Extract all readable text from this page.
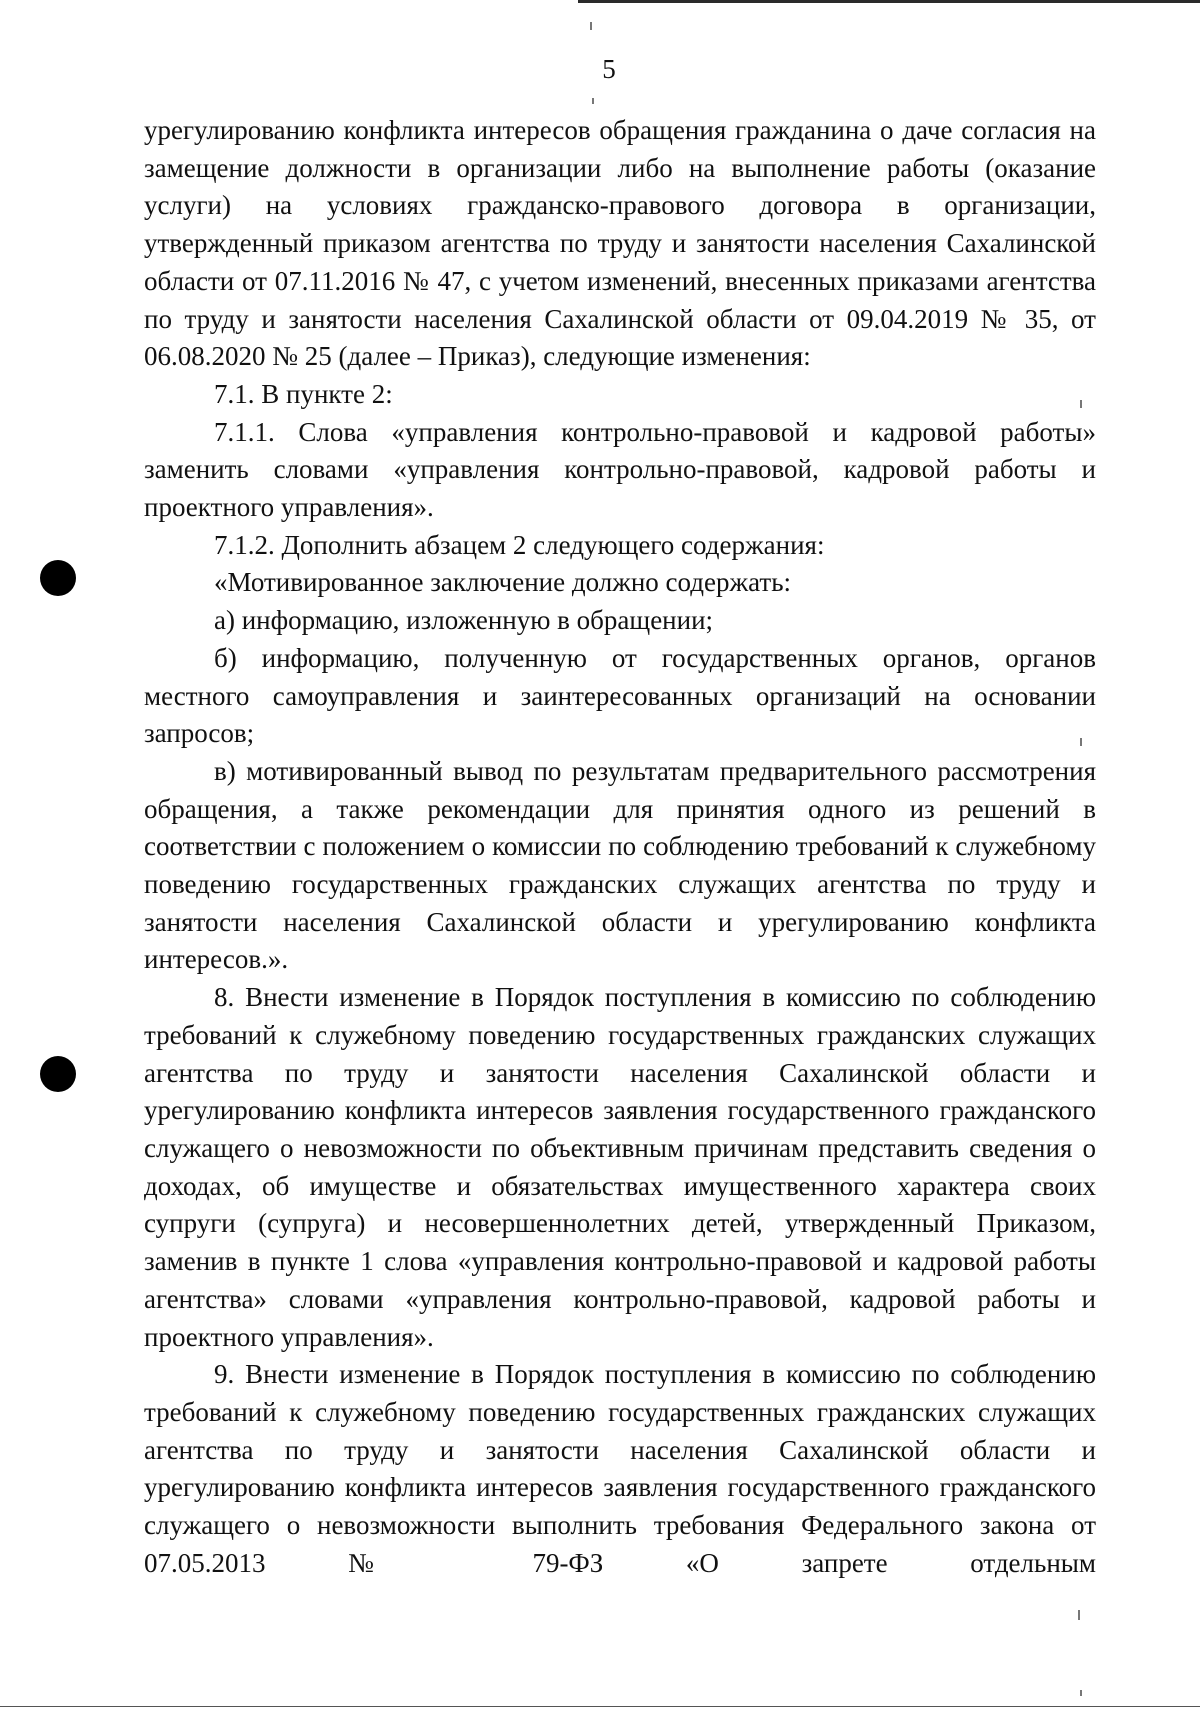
5

урегулированию конфликта интересов обращения гражданина о даче согласия на замещение должности в организации либо на выполнение работы (оказание услуги) на условиях гражданско-правового договора в организации, утвержденный приказом агентства по труду и занятости населения Сахалинской области от 07.11.2016 № 47, с учетом изменений, внесенных приказами агентства по труду и занятости населения Сахалинской области от 09.04.2019 № 35, от 06.08.2020 № 25 (далее – Приказ), следующие изменения:

7.1. В пункте 2:

7.1.1. Слова «управления контрольно-правовой и кадровой работы» заменить словами «управления контрольно-правовой, кадровой работы и проектного управления».

7.1.2. Дополнить абзацем 2 следующего содержания:

«Мотивированное заключение должно содержать:

а) информацию, изложенную в обращении;

б) информацию, полученную от государственных органов, органов местного самоуправления и заинтересованных организаций на основании запросов;

в) мотивированный вывод по результатам предварительного рассмотрения обращения, а также рекомендации для принятия одного из решений в соответствии с положением о комиссии по соблюдению требований к служебному поведению государственных гражданских служащих агентства по труду и занятости населения Сахалинской области и урегулированию конфликта интересов.».

8. Внести изменение в Порядок поступления в комиссию по соблюдению требований к служебному поведению государственных гражданских служащих агентства по труду и занятости населения Сахалинской области и урегулированию конфликта интересов заявления государственного гражданского служащего о невозможности по объективным причинам представить сведения о доходах, об имуществе и обязательствах имущественного характера своих супруги (супруга) и несовершеннолетних детей, утвержденный Приказом, заменив в пункте 1 слова «управления контрольно-правовой и кадровой работы агентства» словами «управления контрольно-правовой, кадровой работы и проектного управления».

9. Внести изменение в Порядок поступления в комиссию по соблюдению требований к служебному поведению государственных гражданских служащих агентства по труду и занятости населения Сахалинской области и урегулированию конфликта интересов заявления государственного гражданского служащего о невозможности выполнить требования Федерального закона от 07.05.2013 № 79-ФЗ «О запрете отдельным
